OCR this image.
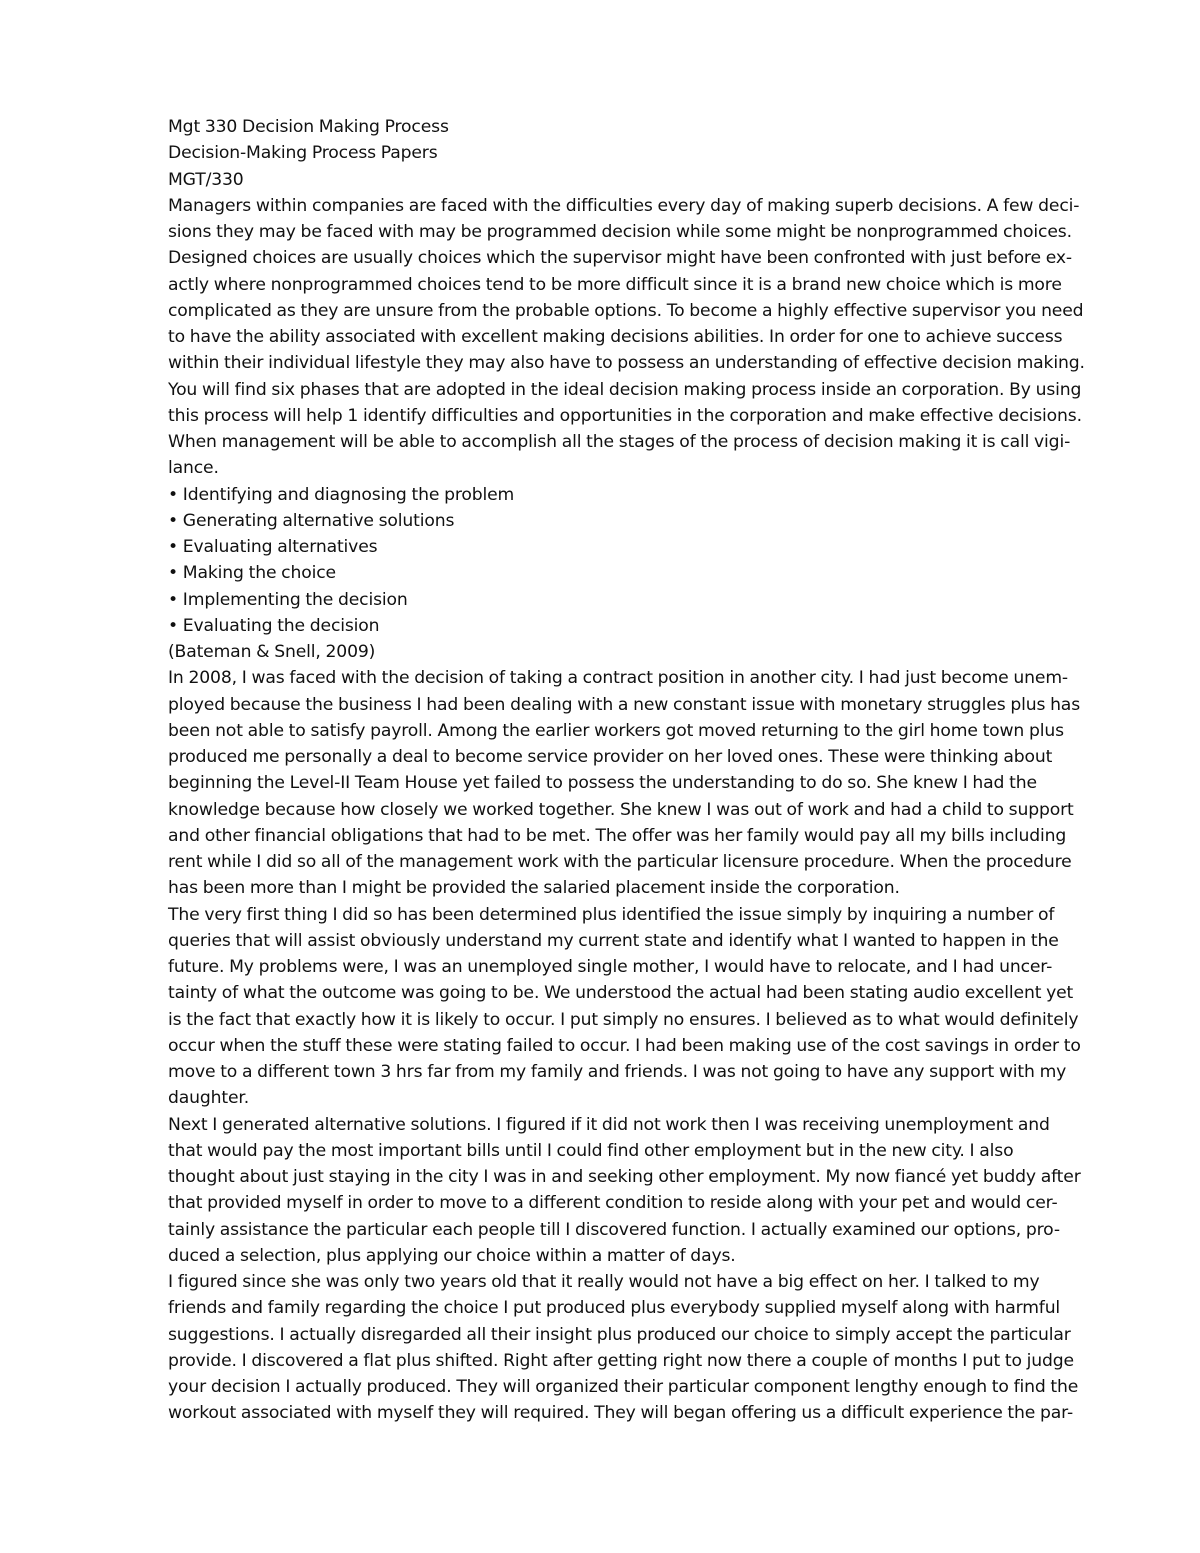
Mgt 330 Decision Making Process
Decision-Making Process Papers
MGT/330
Managers within companies are faced with the difficulties every day of making superb decisions. A few deci-
sions they may be faced with may be programmed decision while some might be nonprogrammed choices.
Designed choices are usually choices which the supervisor might have been confronted with just before ex-
actly where nonprogrammed choices tend to be more difficult since it is a brand new choice which is more
complicated as they are unsure from the probable options. To become a highly effective supervisor you need
to have the ability associated with excellent making decisions abilities. In order for one to achieve success
within their individual lifestyle they may also have to possess an understanding of effective decision making.
You will find six phases that are adopted in the ideal decision making process inside an corporation. By using
this process will help 1 identify difficulties and opportunities in the corporation and make effective decisions.
When management will be able to accomplish all the stages of the process of decision making it is call vigi-
lance.
• Identifying and diagnosing the problem
• Generating alternative solutions
• Evaluating alternatives
• Making the choice
• Implementing the decision
• Evaluating the decision
(Bateman & Snell, 2009)
In 2008, I was faced with the decision of taking a contract position in another city. I had just become unem-
ployed because the business I had been dealing with a new constant issue with monetary struggles plus has
been not able to satisfy payroll. Among the earlier workers got moved returning to the girl home town plus
produced me personally a deal to become service provider on her loved ones. These were thinking about
beginning the Level-II Team House yet failed to possess the understanding to do so. She knew I had the
knowledge because how closely we worked together. She knew I was out of work and had a child to support
and other financial obligations that had to be met. The offer was her family would pay all my bills including
rent while I did so all of the management work with the particular licensure procedure. When the procedure
has been more than I might be provided the salaried placement inside the corporation.
The very first thing I did so has been determined plus identified the issue simply by inquiring a number of
queries that will assist obviously understand my current state and identify what I wanted to happen in the
future. My problems were, I was an unemployed single mother, I would have to relocate, and I had uncer-
tainty of what the outcome was going to be. We understood the actual had been stating audio excellent yet
is the fact that exactly how it is likely to occur. I put simply no ensures. I believed as to what would definitely
occur when the stuff these were stating failed to occur. I had been making use of the cost savings in order to
move to a different town 3 hrs far from my family and friends. I was not going to have any support with my
daughter.
Next I generated alternative solutions. I figured if it did not work then I was receiving unemployment and
that would pay the most important bills until I could find other employment but in the new city. I also
thought about just staying in the city I was in and seeking other employment. My now fiancé yet buddy after
that provided myself in order to move to a different condition to reside along with your pet and would cer-
tainly assistance the particular each people till I discovered function. I actually examined our options, pro-
duced a selection, plus applying our choice within a matter of days.
I figured since she was only two years old that it really would not have a big effect on her. I talked to my
friends and family regarding the choice I put produced plus everybody supplied myself along with harmful
suggestions. I actually disregarded all their insight plus produced our choice to simply accept the particular
provide. I discovered a flat plus shifted. Right after getting right now there a couple of months I put to judge
your decision I actually produced. They will organized their particular component lengthy enough to find the
workout associated with myself they will required. They will began offering us a difficult experience the par-
